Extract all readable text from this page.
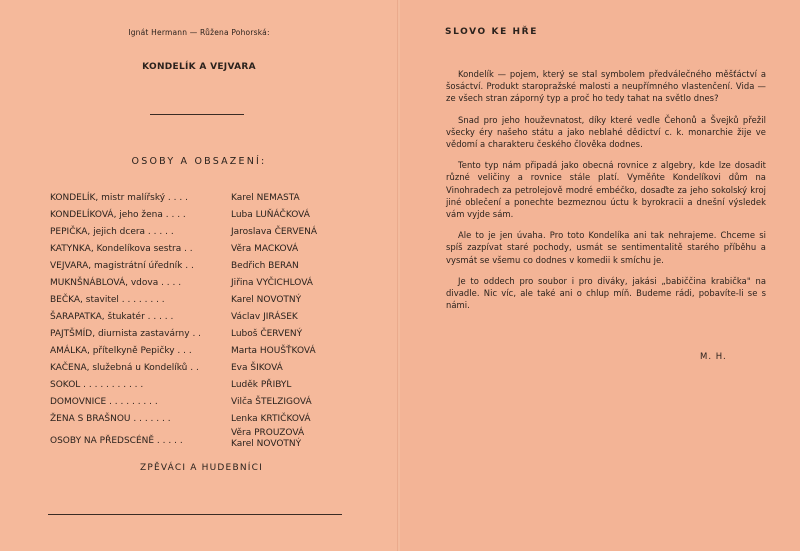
Ignát Hermann — Růžena Pohorská:
KONDELÍK A VEJVARA
OSOBY A OBSAZENÍ:
KONDELÍK, mistr malířský . . . .	Karel NEMASTA
KONDELÍKOVÁ, jeho žena . . . .	Luba LUŇÁČKOVÁ
PEPIČKA, jejich dcera . . . . .	Jaroslava ČERVENÁ
KATYNKA, Kondelíkova sestra . .	Věra MACKOVÁ
VEJVARA, magistrátní úředník . .	Bedřich BERAN
MUKNŠNÁBLOVÁ, vdova . . . .	Jiřina VYČICHLOVÁ
BEČKA, stavitel . . . . . . . .	Karel NOVOTNÝ
ŠARAPATKA, štukatér . . . . .	Václav JIRÁSEK
PAJTŠMÍD, diurnista zastavárny . .	Luboš ČERVENÝ
AMÁLKA, přítelkyně Pepičky . . .	Marta HOUŠŤKOVÁ
KAČENA, služebná u Kondelíků . .	Eva ŠIKOVÁ
SOKOL . . . . . . . . . . .	Luděk PŘIBYL
DOMOVNICE . . . . . . . . .	Vilča ŠTELZIGOVÁ
ŽENA S BRAŠNOU . . . . . . .	Lenka KRTIČKOVÁ
OSOBY NA PŘEDSCÉNĚ . . . . .
Věra PROUZOVÁ
Karel NOVOTNÝ
ZPĚVÁCI A HUDEBNÍCI
SLOVO KE HŘE

Kondelík — pojem, který se stal symbolem předválečného měšťáctví a šosáctví. Produkt staropražské malosti a neupřímného vlastenčení. Vida — ze všech stran záporný typ a proč ho tedy tahat na světlo dnes?

Snad pro jeho houževnatost, díky které vedle Čehonů a Švejků přežil všecky éry našeho státu a jako neblahé dědictví c. k. monarchie žije ve vědomí a charakteru českého člověka dodnes.

Tento typ nám připadá jako obecná rovnice z algebry, kde lze dosadit různé veličiny a rovnice stále platí. Vyměňte Kondelíkovi dům na Vinohradech za petrolejově modré embéčko, dosaďte za jeho sokolský kroj jiné oblečení a ponechte bezmeznou úctu k byrokracii a dnešní výsledek vám vyjde sám.

Ale to je jen úvaha. Pro toto Kondelíka ani tak nehrajeme. Chceme si spíš zazpívat staré pochody, usmát se sentimentalitě starého příběhu a vysmát se všemu co dodnes v komedii k smíchu je.

Je to oddech pro soubor i pro diváky, jakási „babiččina krabička" na divadle. Nic víc, ale také ani o chlup míň. Budeme rádi, pobavíte-li se s námi.

M. H.
